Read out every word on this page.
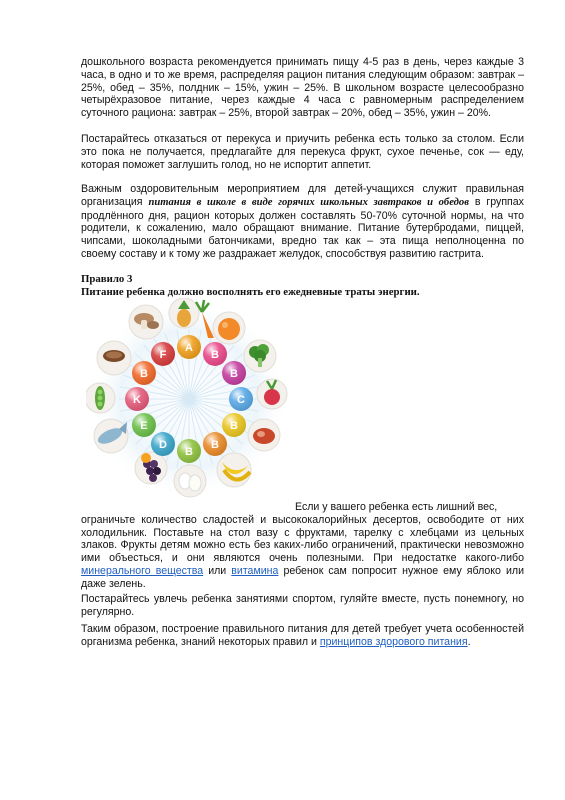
дошкольного возраста рекомендуется принимать пищу 4-5 раз в день, через каждые 3 часа, в одно и то же время, распределяя рацион питания следующим образом: завтрак – 25%, обед – 35%, полдник – 15%, ужин – 25%. В школьном возрасте целесообразно четырёхразовое питание, через каждые 4 часа с равномерным распределением суточного рациона: завтрак – 25%, второй завтрак – 20%, обед – 35%, ужин – 20%.

Постарайтесь отказаться от перекуса и приучить ребенка есть только за столом. Если это пока не получается, предлагайте для перекуса фрукт, сухое печенье, сок — еду, которая поможет заглушить голод, но не испортит аппетит.

Важным оздоровительным мероприятием для детей-учащихся служит правильная организация питания в школе в виде горячих школьных завтраков и обедов в группах продлённого дня, рацион которых должен составлять 50-70% суточной нормы, на что родители, к сожалению, мало обращают внимание. Питание бутербродами, пиццей, чипсами, шоколадными батончиками, вредно так как – эта пища неполноценна по своему составу и к тому же раздражает желудок, способствуя развитию гастрита.

Правило 3

Питание ребенка должно восполнять его ежедневные траты энергии.

A
B
B
C
B
B
B
D
E
K
B
F

Если у вашего ребенка есть лишний вес,
ограничьте количество сладостей и высококалорийных десертов, освободите от них холодильник. Поставьте на стол вазу с фруктами, тарелку с хлебцами из цельных злаков. Фрукты детям можно есть без каких-либо ограничений, практически невозможно ими объесться, и они являются очень полезными. При недостатке какого-либо минерального вещества или витамина ребенок сам попросит нужное ему яблоко или даже зелень.

Постарайтесь увлечь ребенка занятиями спортом, гуляйте вместе, пусть понемногу, но регулярно.

Таким образом, построение правильного питания для детей требует учета особенностей организма ребенка, знаний некоторых правил и принципов здорового питания.
